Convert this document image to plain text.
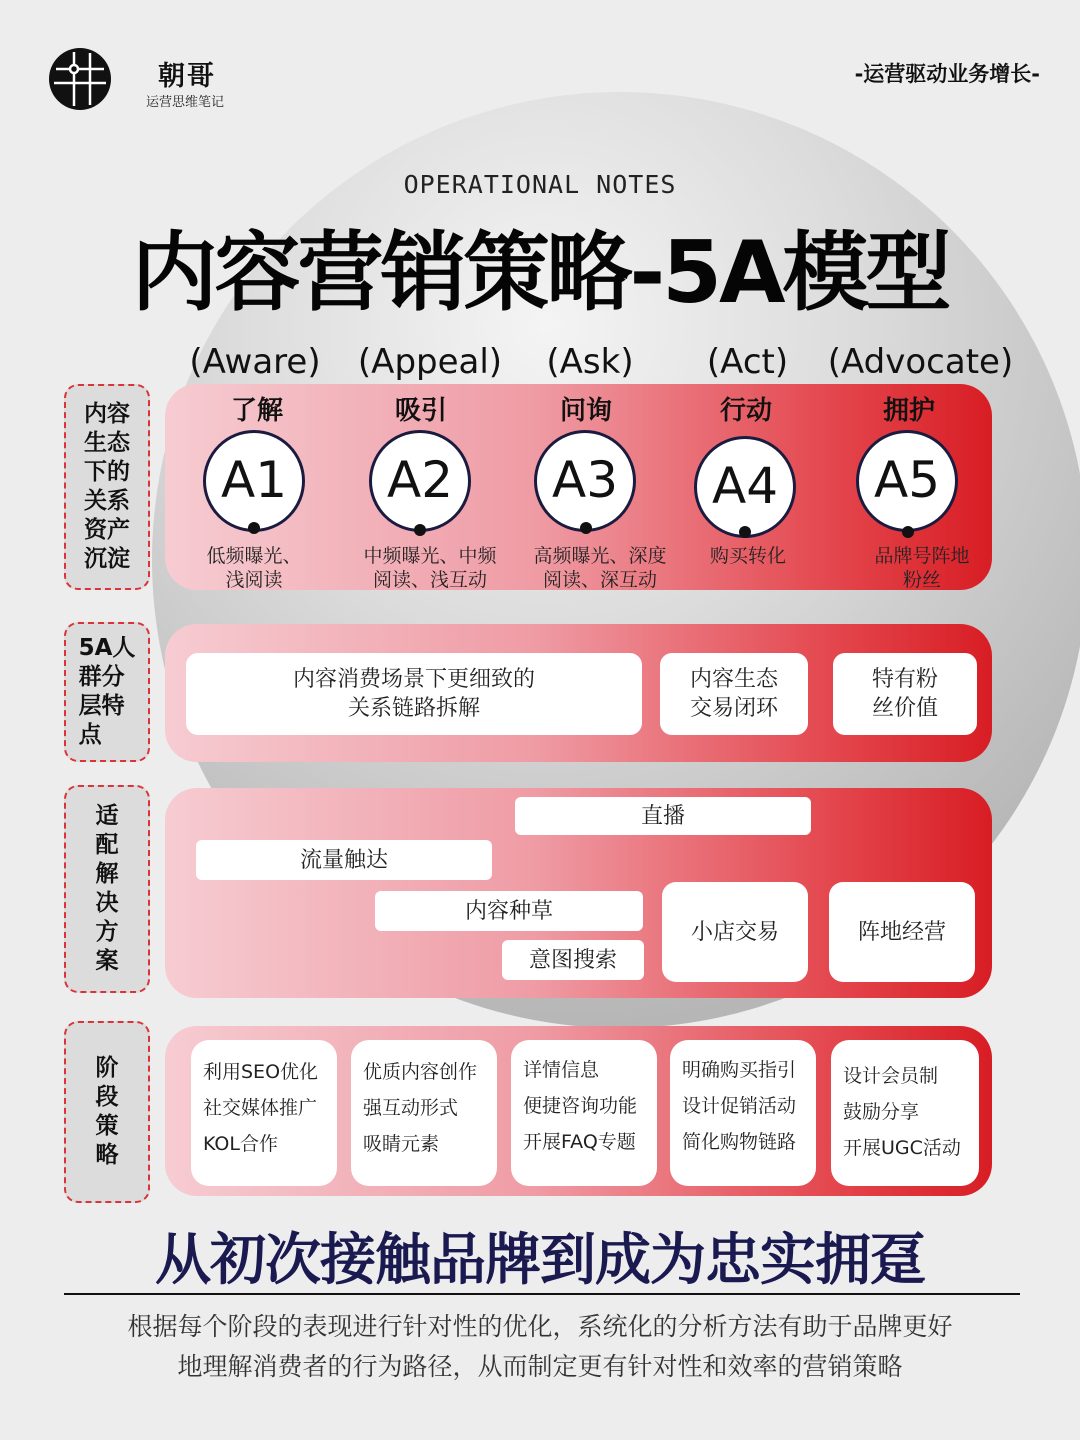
朝哥
运营思维笔记
-运营驱动业务增长-
OPERATIONAL NOTES
内容营销策略-5A模型
(Aware)	(Appeal)	(Ask)	(Act)	(Advocate)
内容
生态
下的
关系
资产
沉淀
了解	吸引	问询	行动	拥护
A1	A2	A3	A4	A5
低频曝光、
浅阅读
中频曝光、中频
阅读、浅互动
高频曝光、深度
阅读、深互动
购买转化	品牌号阵地
粉丝
5A人
群分
层特
点
内容消费场景下更细致的
关系链路拆解
内容生态
交易闭环
特有粉
丝价值
适
配
解
决
方
案
直播
流量触达
内容种草
意图搜索
小店交易	阵地经营
阶
段
策
略
利用SEO优化
社交媒体推广
KOL合作
优质内容创作
强互动形式
吸睛元素
详情信息
便捷咨询功能
开展FAQ专题
明确购买指引
设计促销活动
简化购物链路
设计会员制
鼓励分享
开展UGC活动
从初次接触品牌到成为忠实拥趸
根据每个阶段的表现进行针对性的优化，系统化的分析方法有助于品牌更好
地理解消费者的行为路径，从而制定更有针对性和效率的营销策略
